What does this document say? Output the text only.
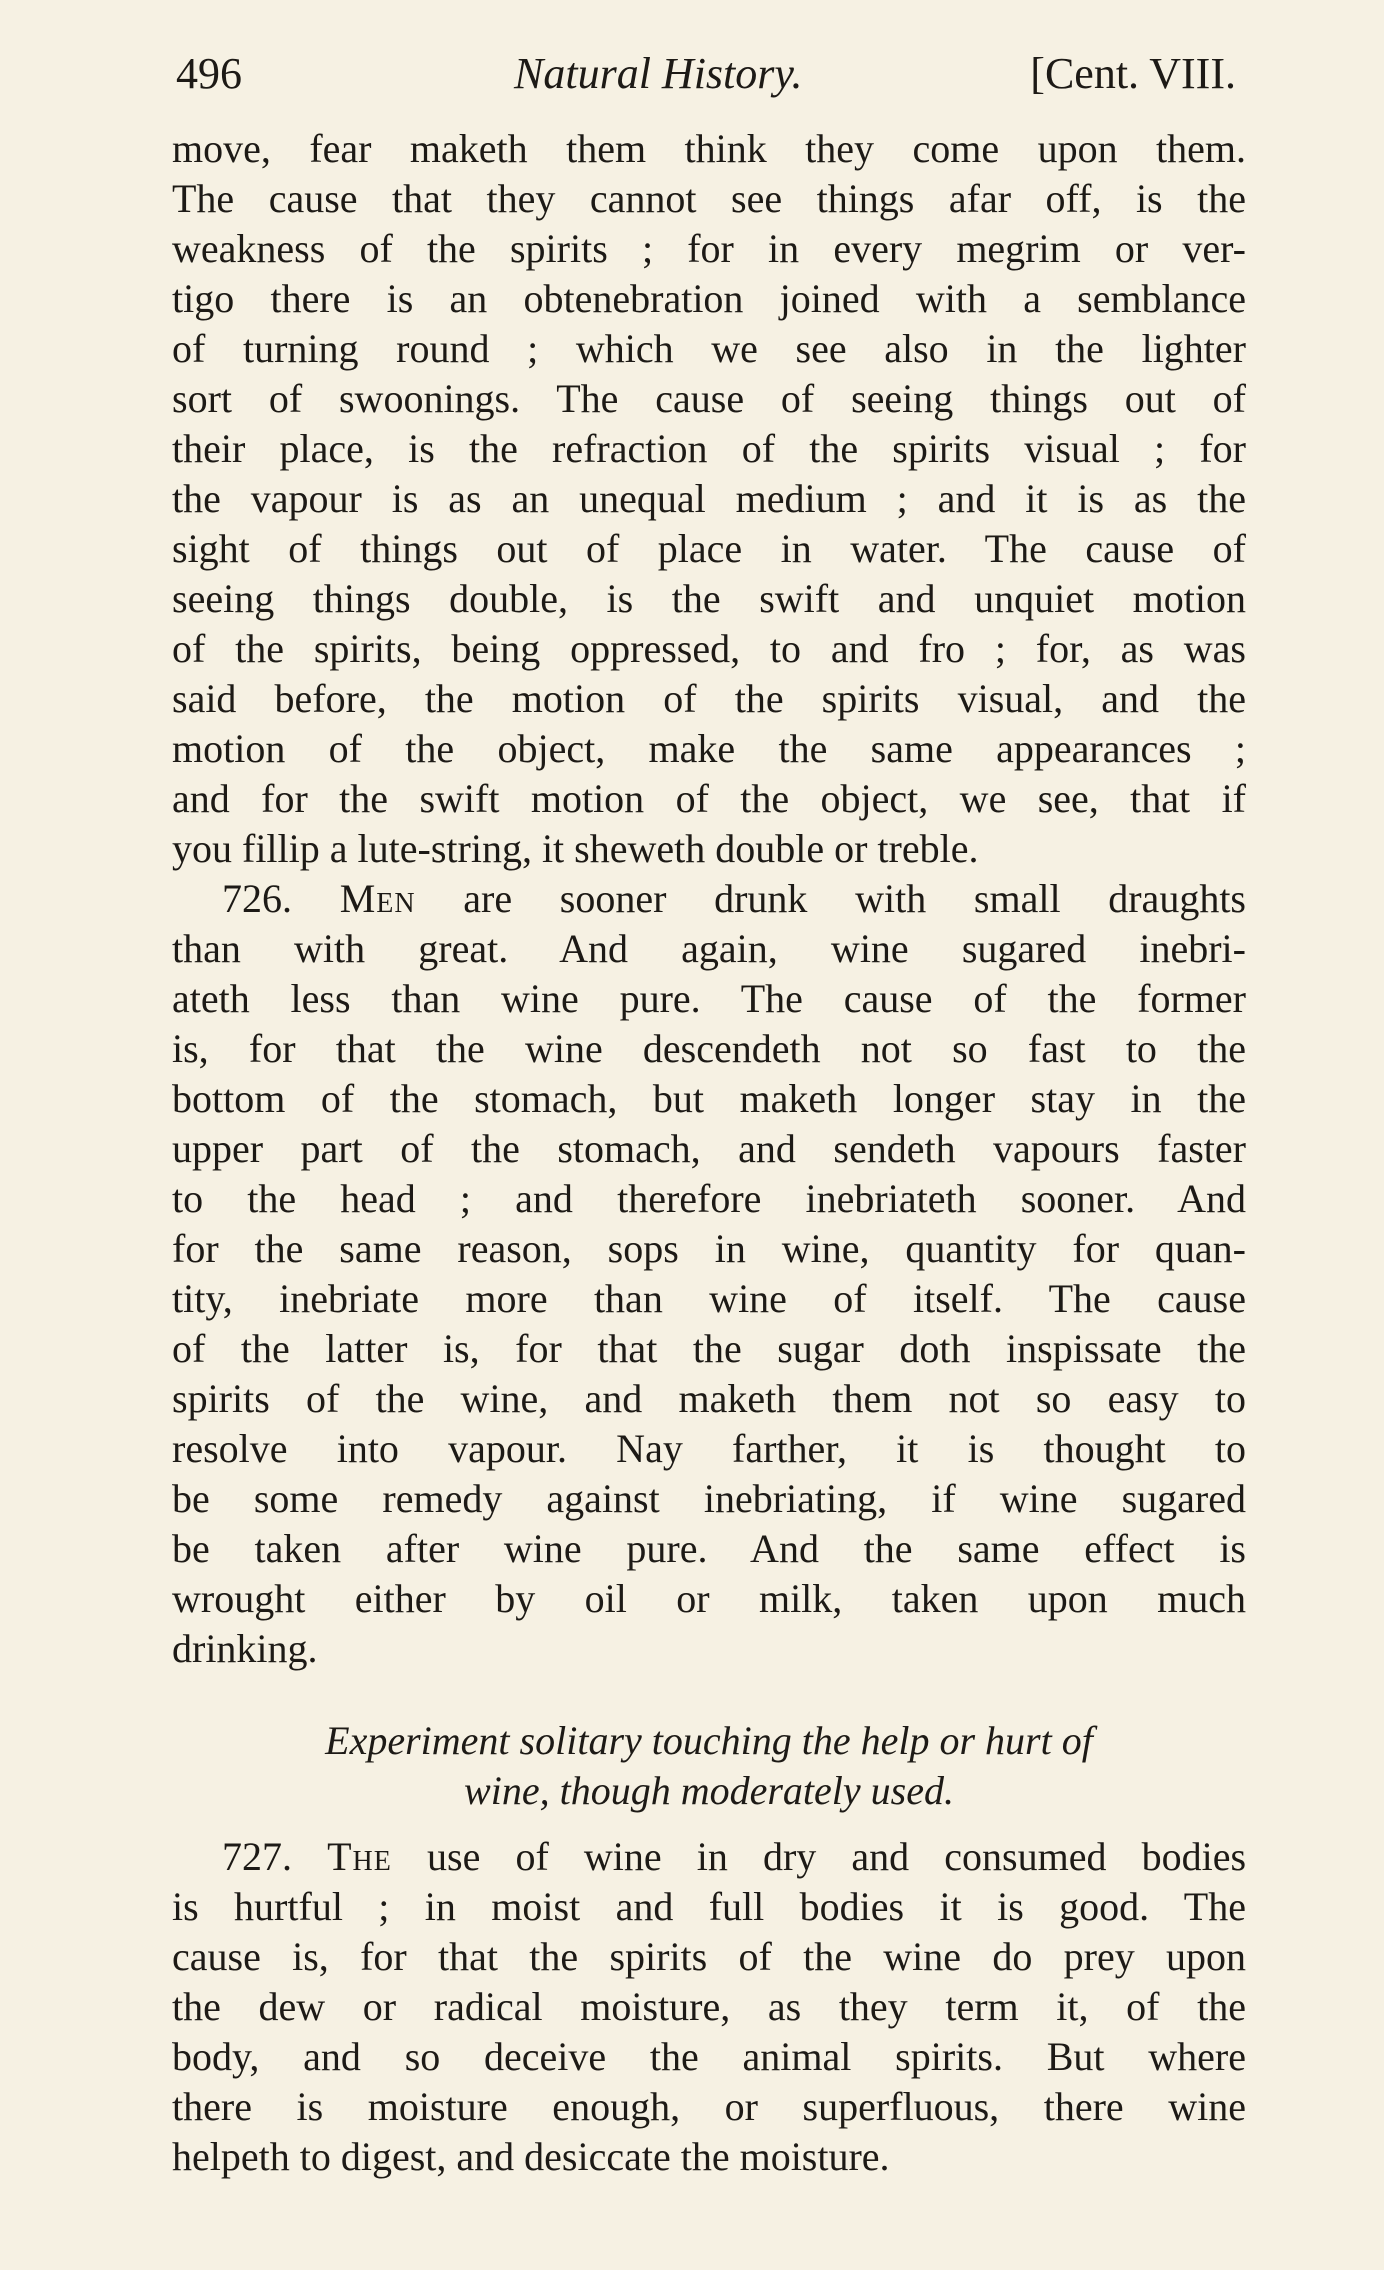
496	Natural History.	[Cent. VIII.
move, fear maketh them think they come upon them.
The cause that they cannot see things afar off, is the
weakness of the spirits ; for in every megrim or ver-
tigo there is an obtenebration joined with a semblance
of turning round ; which we see also in the lighter
sort of swoonings. The cause of seeing things out of
their place, is the refraction of the spirits visual ; for
the vapour is as an unequal medium ; and it is as the
sight of things out of place in water. The cause of
seeing things double, is the swift and unquiet motion
of the spirits, being oppressed, to and fro ; for, as was
said before, the motion of the spirits visual, and the
motion of the object, make the same appearances ;
and for the swift motion of the object, we see, that if
you fillip a lute-string, it sheweth double or treble.
726. Men are sooner drunk with small draughts
than with great. And again, wine sugared inebri-
ateth less than wine pure. The cause of the former
is, for that the wine descendeth not so fast to the
bottom of the stomach, but maketh longer stay in the
upper part of the stomach, and sendeth vapours faster
to the head ; and therefore inebriateth sooner. And
for the same reason, sops in wine, quantity for quan-
tity, inebriate more than wine of itself. The cause
of the latter is, for that the sugar doth inspissate the
spirits of the wine, and maketh them not so easy to
resolve into vapour. Nay farther, it is thought to
be some remedy against inebriating, if wine sugared
be taken after wine pure. And the same effect is
wrought either by oil or milk, taken upon much
drinking.
Experiment solitary touching the help or hurt of
wine, though moderately used.
727. The use of wine in dry and consumed bodies
is hurtful ; in moist and full bodies it is good. The
cause is, for that the spirits of the wine do prey upon
the dew or radical moisture, as they term it, of the
body, and so deceive the animal spirits. But where
there is moisture enough, or superfluous, there wine
helpeth to digest, and desiccate the moisture.
